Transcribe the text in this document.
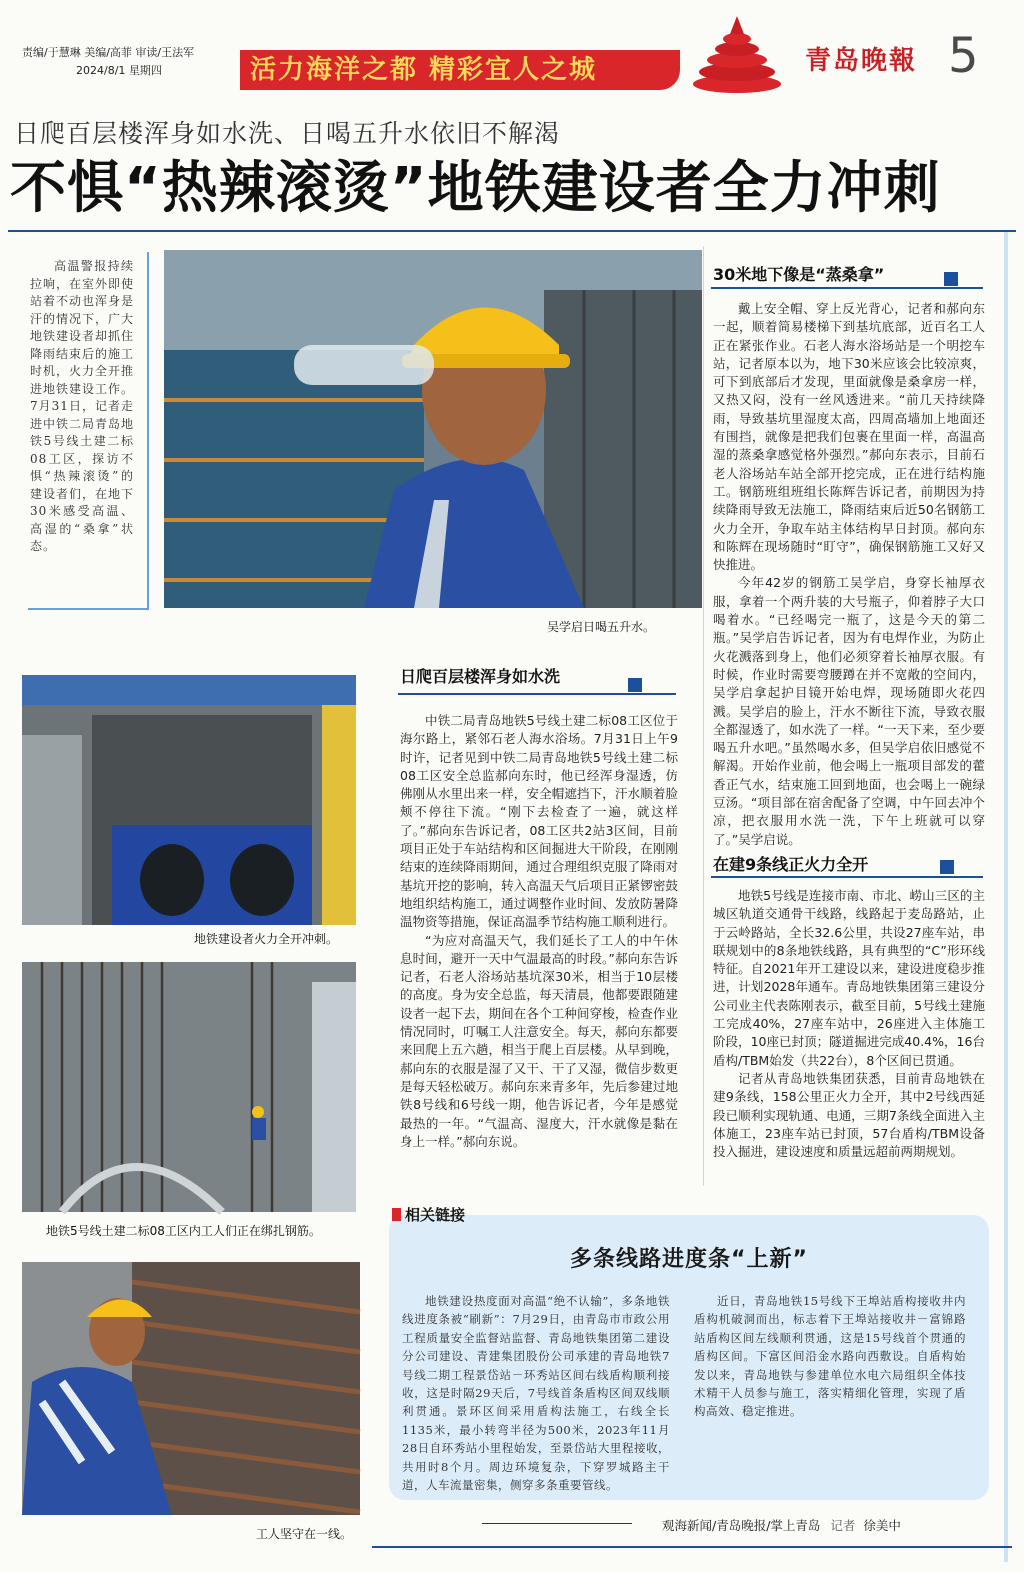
责编/于慧琳 美编/高菲 审读/王法军
2024/8/1 星期四	活力海洋之都 精彩宜人之城	青岛晚報 5
日爬百层楼浑身如水洗、日喝五升水依旧不解渴
不惧“热辣滚烫”地铁建设者全力冲刺
高温警报持续拉响，在室外即使站着不动也浑身是汗的情况下，广大地铁建设者却抓住降雨结束后的施工时机，火力全开推进地铁建设工作。7月31日，记者走进中铁二局青岛地铁5号线土建二标08工区，探访不惧“热辣滚烫”的建设者们，在地下30米感受高温、高湿的“桑拿”状态。
吴学启日喝五升水。
地铁建设者火力全开冲刺。
地铁5号线土建二标08工区内工人们正在绑扎钢筋。
工人坚守在一线。
日爬百层楼浑身如水洗

中铁二局青岛地铁5号线土建二标08工区位于海尔路上，紧邻石老人海水浴场。7月31日上午9时许，记者见到中铁二局青岛地铁5号线土建二标08工区安全总监郝向东时，他已经浑身湿透，仿佛刚从水里出来一样，安全帽遮挡下，汗水顺着脸颊不停往下流。“刚下去检查了一遍，就这样了。”郝向东告诉记者，08工区共2站3区间，目前项目正处于车站结构和区间掘进大干阶段，在刚刚结束的连续降雨期间，通过合理组织克服了降雨对基坑开挖的影响，转入高温天气后项目正紧锣密鼓地组织结构施工，通过调整作业时间、发放防暑降温物资等措施，保证高温季节结构施工顺利进行。

“为应对高温天气，我们延长了工人的中午休息时间，避开一天中气温最高的时段。”郝向东告诉记者，石老人浴场站基坑深30米，相当于10层楼的高度。身为安全总监，每天清晨，他都要跟随建设者一起下去，期间在各个工种间穿梭，检查作业情况同时，叮嘱工人注意安全。每天，郝向东都要来回爬上五六趟，相当于爬上百层楼。从早到晚，郝向东的衣服是湿了又干、干了又湿，微信步数更是每天轻松破万。郝向东来青多年，先后参建过地铁8号线和6号线一期，他告诉记者，今年是感觉最热的一年。“气温高、湿度大，汗水就像是黏在身上一样。”郝向东说。

30米地下像是“蒸桑拿”

戴上安全帽、穿上反光背心，记者和郝向东一起，顺着简易楼梯下到基坑底部，近百名工人正在紧张作业。石老人海水浴场站是一个明挖车站，记者原本以为，地下30米应该会比较凉爽，可下到底部后才发现，里面就像是桑拿房一样，又热又闷，没有一丝风透进来。“前几天持续降雨，导致基坑里湿度太高，四周高墙加上地面还有围挡，就像是把我们包裹在里面一样，高温高湿的蒸桑拿感觉格外强烈。”郝向东表示，目前石老人浴场站车站全部开挖完成，正在进行结构施工。钢筋班组班组长陈辉告诉记者，前期因为持续降雨导致无法施工，降雨结束后近50名钢筋工火力全开，争取车站主体结构早日封顶。郝向东和陈辉在现场随时“盯守”，确保钢筋施工又好又快推进。

今年42岁的钢筋工吴学启，身穿长袖厚衣服，拿着一个两升装的大号瓶子，仰着脖子大口喝着水。“已经喝完一瓶了，这是今天的第二瓶。”吴学启告诉记者，因为有电焊作业，为防止火花溅落到身上，他们必须穿着长袖厚衣服。有时候，作业时需要弯腰蹲在并不宽敞的空间内，吴学启拿起护目镜开始电焊，现场随即火花四溅。吴学启的脸上，汗水不断往下流，导致衣服全都湿透了，如水洗了一样。“一天下来，至少要喝五升水吧。”虽然喝水多，但吴学启依旧感觉不解渴。开始作业前，他会喝上一瓶项目部发的藿香正气水，结束施工回到地面，也会喝上一碗绿豆汤。“项目部在宿舍配备了空调，中午回去冲个凉，把衣服用水洗一洗，下午上班就可以穿了。”吴学启说。

在建9条线正火力全开

地铁5号线是连接市南、市北、崂山三区的主城区轨道交通骨干线路，线路起于麦岛路站，止于云岭路站，全长32.6公里，共设27座车站，串联规划中的8条地铁线路，具有典型的“C”形环线特征。自2021年开工建设以来，建设进度稳步推进，计划2028年通车。青岛地铁集团第三建设分公司业主代表陈刚表示，截至目前，5号线土建施工完成40%，27座车站中，26座进入主体施工阶段，10座已封顶；隧道掘进完成40.4%，16台盾构/TBM始发（共22台），8个区间已贯通。

记者从青岛地铁集团获悉，目前青岛地铁在建9条线，158公里正火力全开，其中2号线西延段已顺利实现轨通、电通，三期7条线全面进入主体施工，23座车站已封顶，57台盾构/TBM设备投入掘进，建设速度和质量远超前两期规划。

相关链接
多条线路进度条“上新”

地铁建设热度面对高温“绝不认输”，多条地铁线进度条被“刷新”：7月29日，由青岛市市政公用工程质量安全监督站监督、青岛地铁集团第二建设分公司建设、青建集团股份公司承建的青岛地铁7号线二期工程景岱站－环秀站区间右线盾构顺利接收，这是时隔29天后，7号线首条盾构区间双线顺利贯通。景环区间采用盾构法施工，右线全长1135米，最小转弯半径为500米，2023年11月28日自环秀站小里程始发，至景岱站大里程接收，共用时8个月。周边环境复杂，下穿罗城路主干道，人车流量密集，侧穿多条重要管线。

近日，青岛地铁15号线下王埠站盾构接收井内盾构机破洞而出，标志着下王埠站接收井－富锦路站盾构区间左线顺利贯通，这是15号线首个贯通的盾构区间。下富区间沿金水路向西敷设。自盾构始发以来，青岛地铁与参建单位水电六局组织全体技术精干人员参与施工，落实精细化管理，实现了盾构高效、稳定推进。

观海新闻/青岛晚报/掌上青岛 记者 徐美中
